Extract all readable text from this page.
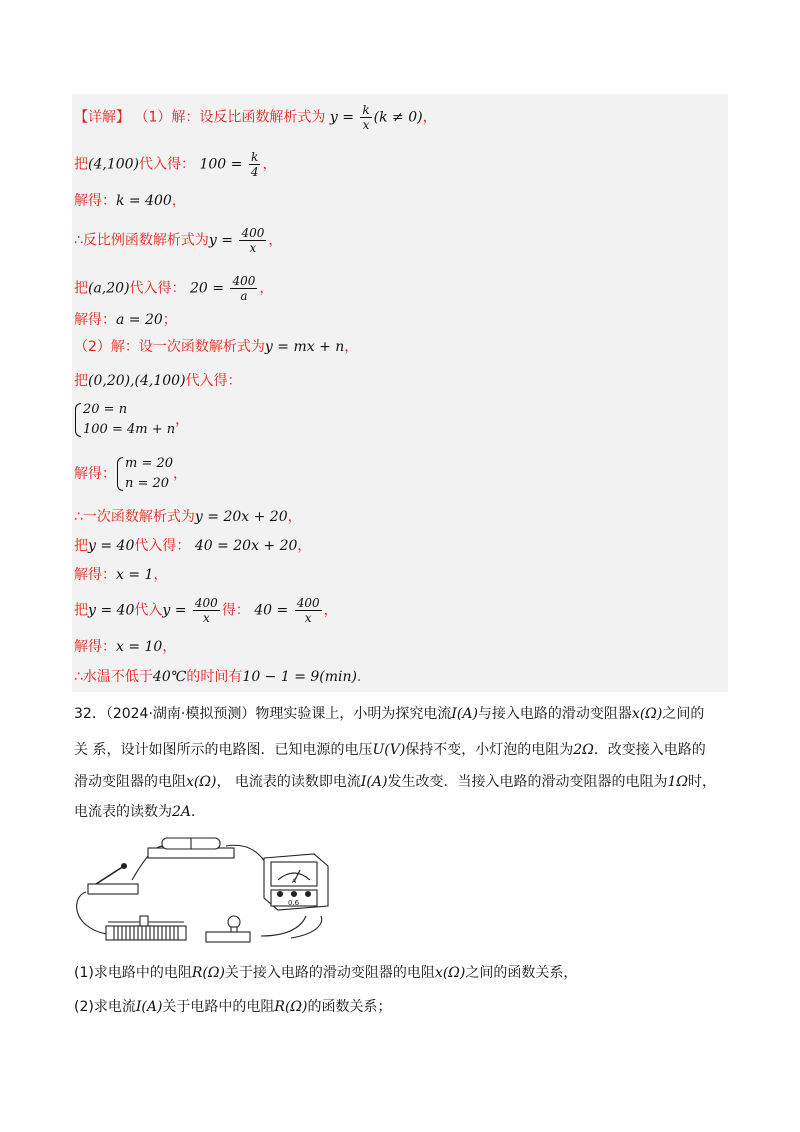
【详解】 （1）解：设反比函数解析式为 $y = \frac{k}{x} (k \ne 0)$，
把(4,100)代入得： $100 = \frac{k}{4}$ ，
解得：k = 400，
∴反比例函数解析式为$y = \frac{400}{x}$ ，
把(a,20)代入得： $20 = \frac{400}{a}$ ，
解得：a = 20；
（2）解：设一次函数解析式为y = mx + n，
把(0,20),(4,100)代入得：
20 = n
100 = 4m + n，
解得：m = 20
n = 20，
∴一次函数解析式为y = 20x + 20，
把y = 40代入得： 40 = 20x + 20，
解得：x = 1，
把y = 40代入$y = \frac{400}{x}$ 得： $40 = \frac{400}{x}$ ，
解得：x = 10，
∴水温不低于40℃的时间有10 − 1 = 9(min)．
32．（2024·湖南·模拟预测）物理实验课上，小明为探究电流I(A)与接入电路的滑动变阻器x(Ω)之间的
关 系，设计如图所示的电路图．已知电源的电压U(V)保持不变，小灯泡的电阻为2Ω．改变接入电路的
滑动变阻器的电阻x(Ω)， 电流表的读数即电流I(A)发生改变．当接入电路的滑动变阻器的电阻为1Ω时，
电流表的读数为2A．
A
0.6
(1)求电路中的电阻R(Ω)关于接入电路的滑动变阻器的电阻x(Ω)之间的函数关系，
(2)求电流I(A)关于电路中的电阻R(Ω)的函数关系；
